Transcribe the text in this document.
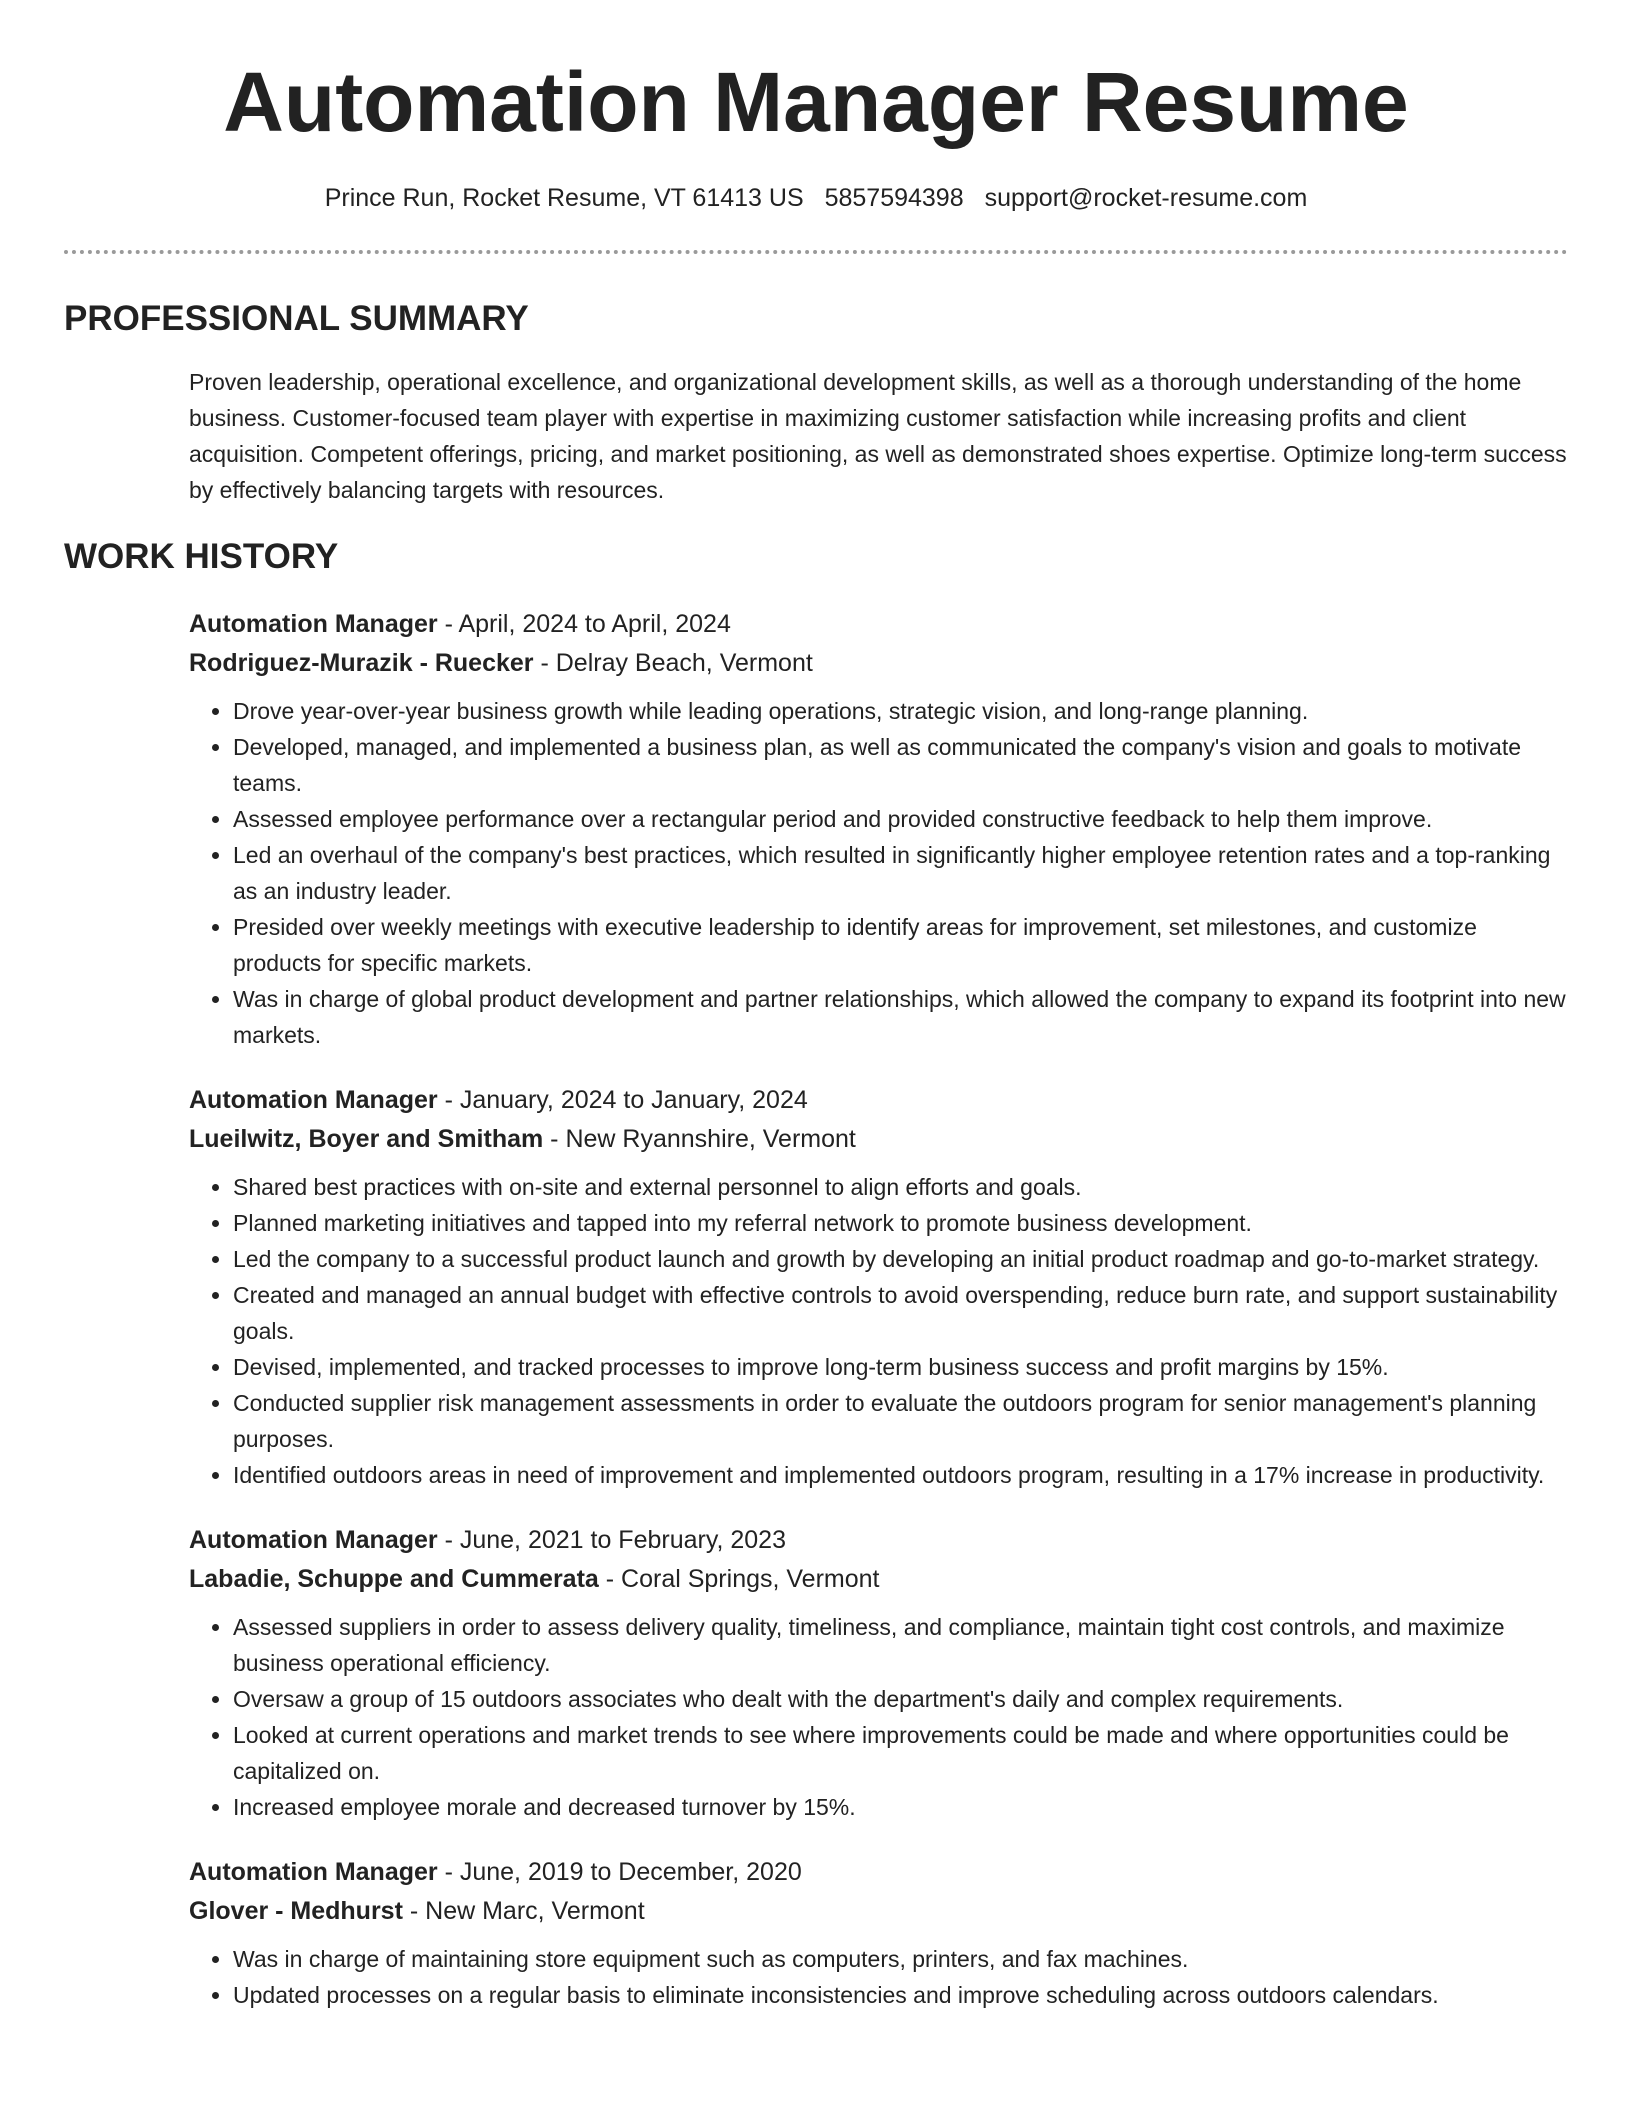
Automation Manager Resume
Prince Run, Rocket Resume, VT 61413 US 5857594398 support@rocket-resume.com
PROFESSIONAL SUMMARY

Proven leadership, operational excellence, and organizational development skills, as well as a thorough understanding of the home business. Customer-focused team player with expertise in maximizing customer satisfaction while increasing profits and client acquisition. Competent offerings, pricing, and market positioning, as well as demonstrated shoes expertise. Optimize long-term success by effectively balancing targets with resources.

WORK HISTORY
Automation Manager - April, 2024 to April, 2024
Rodriguez-Murazik - Ruecker - Delray Beach, Vermont
• Drove year-over-year business growth while leading operations, strategic vision, and long-range planning.
• Developed, managed, and implemented a business plan, as well as communicated the company's vision and goals to motivate teams.
• Assessed employee performance over a rectangular period and provided constructive feedback to help them improve.
• Led an overhaul of the company's best practices, which resulted in significantly higher employee retention rates and a top-ranking as an industry leader.
• Presided over weekly meetings with executive leadership to identify areas for improvement, set milestones, and customize products for specific markets.
• Was in charge of global product development and partner relationships, which allowed the company to expand its footprint into new markets.
Automation Manager - January, 2024 to January, 2024
Lueilwitz, Boyer and Smitham - New Ryannshire, Vermont
• Shared best practices with on-site and external personnel to align efforts and goals.
• Planned marketing initiatives and tapped into my referral network to promote business development.
• Led the company to a successful product launch and growth by developing an initial product roadmap and go-to-market strategy.
• Created and managed an annual budget with effective controls to avoid overspending, reduce burn rate, and support sustainability goals.
• Devised, implemented, and tracked processes to improve long-term business success and profit margins by 15%.
• Conducted supplier risk management assessments in order to evaluate the outdoors program for senior management's planning purposes.
• Identified outdoors areas in need of improvement and implemented outdoors program, resulting in a 17% increase in productivity.
Automation Manager - June, 2021 to February, 2023
Labadie, Schuppe and Cummerata - Coral Springs, Vermont
• Assessed suppliers in order to assess delivery quality, timeliness, and compliance, maintain tight cost controls, and maximize business operational efficiency.
• Oversaw a group of 15 outdoors associates who dealt with the department's daily and complex requirements.
• Looked at current operations and market trends to see where improvements could be made and where opportunities could be capitalized on.
• Increased employee morale and decreased turnover by 15%.
Automation Manager - June, 2019 to December, 2020
Glover - Medhurst - New Marc, Vermont
• Was in charge of maintaining store equipment such as computers, printers, and fax machines.
• Updated processes on a regular basis to eliminate inconsistencies and improve scheduling across outdoors calendars.
